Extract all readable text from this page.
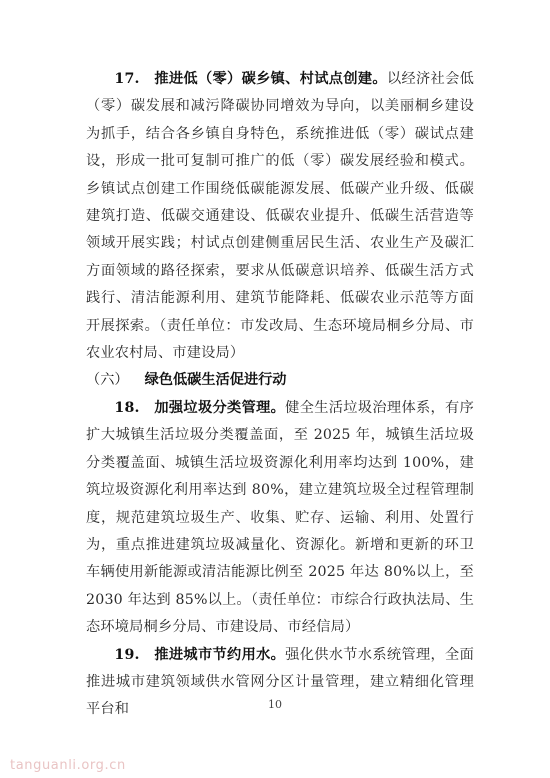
17.　推进低（零）碳乡镇、村试点创建。以经济社会低（零）碳发展和减污降碳协同增效为导向，以美丽桐乡建设为抓手，结合各乡镇自身特色，系统推进低（零）碳试点建设，形成一批可复制可推广的低（零）碳发展经验和模式。乡镇试点创建工作围绕低碳能源发展、低碳产业升级、低碳建筑打造、低碳交通建设、低碳农业提升、低碳生活营造等领域开展实践；村试点创建侧重居民生活、农业生产及碳汇方面领域的路径探索，要求从低碳意识培养、低碳生活方式践行、清洁能源利用、建筑节能降耗、低碳农业示范等方面开展探索。（责任单位：市发改局、生态环境局桐乡分局、市农业农村局、市建设局）

（六） 绿色低碳生活促进行动

18.　加强垃圾分类管理。健全生活垃圾治理体系，有序扩大城镇生活垃圾分类覆盖面，至 2025 年，城镇生活垃圾分类覆盖面、城镇生活垃圾资源化利用率均达到 100%，建筑垃圾资源化利用率达到 80%，建立建筑垃圾全过程管理制度，规范建筑垃圾生产、收集、贮存、运输、利用、处置行为，重点推进建筑垃圾减量化、资源化。新增和更新的环卫车辆使用新能源或清洁能源比例至 2025 年达 80%以上，至 2030 年达到 85%以上。（责任单位：市综合行政执法局、生态环境局桐乡分局、市建设局、市经信局）

19.　推进城市节约用水。强化供水节水系统管理，全面推进城市建筑领域供水管网分区计量管理，建立精细化管理平台和	10
tanguanli.org.cn
